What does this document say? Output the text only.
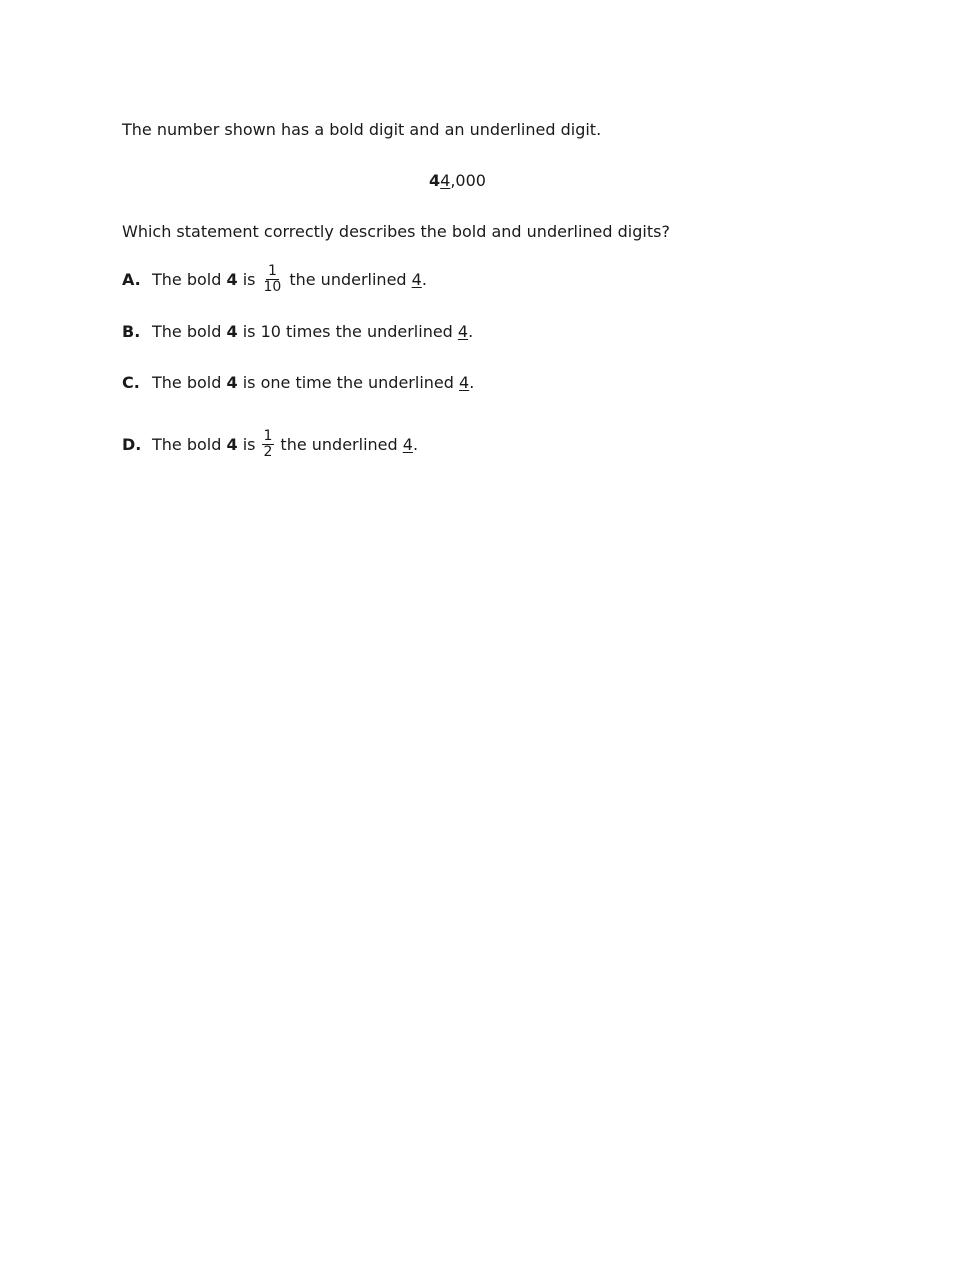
The number shown has a bold digit and an underlined digit.
44,000
Which statement correctly describes the bold and underlined digits?
A. The bold 4 is $\frac{1}{10}$ the underlined 4 .
B. The bold 4 is 10 times the underlined 4 .
C. The bold 4 is one time the underlined 4 .
D. The bold 4 is $\frac{1}{2}$ the underlined 4 .
